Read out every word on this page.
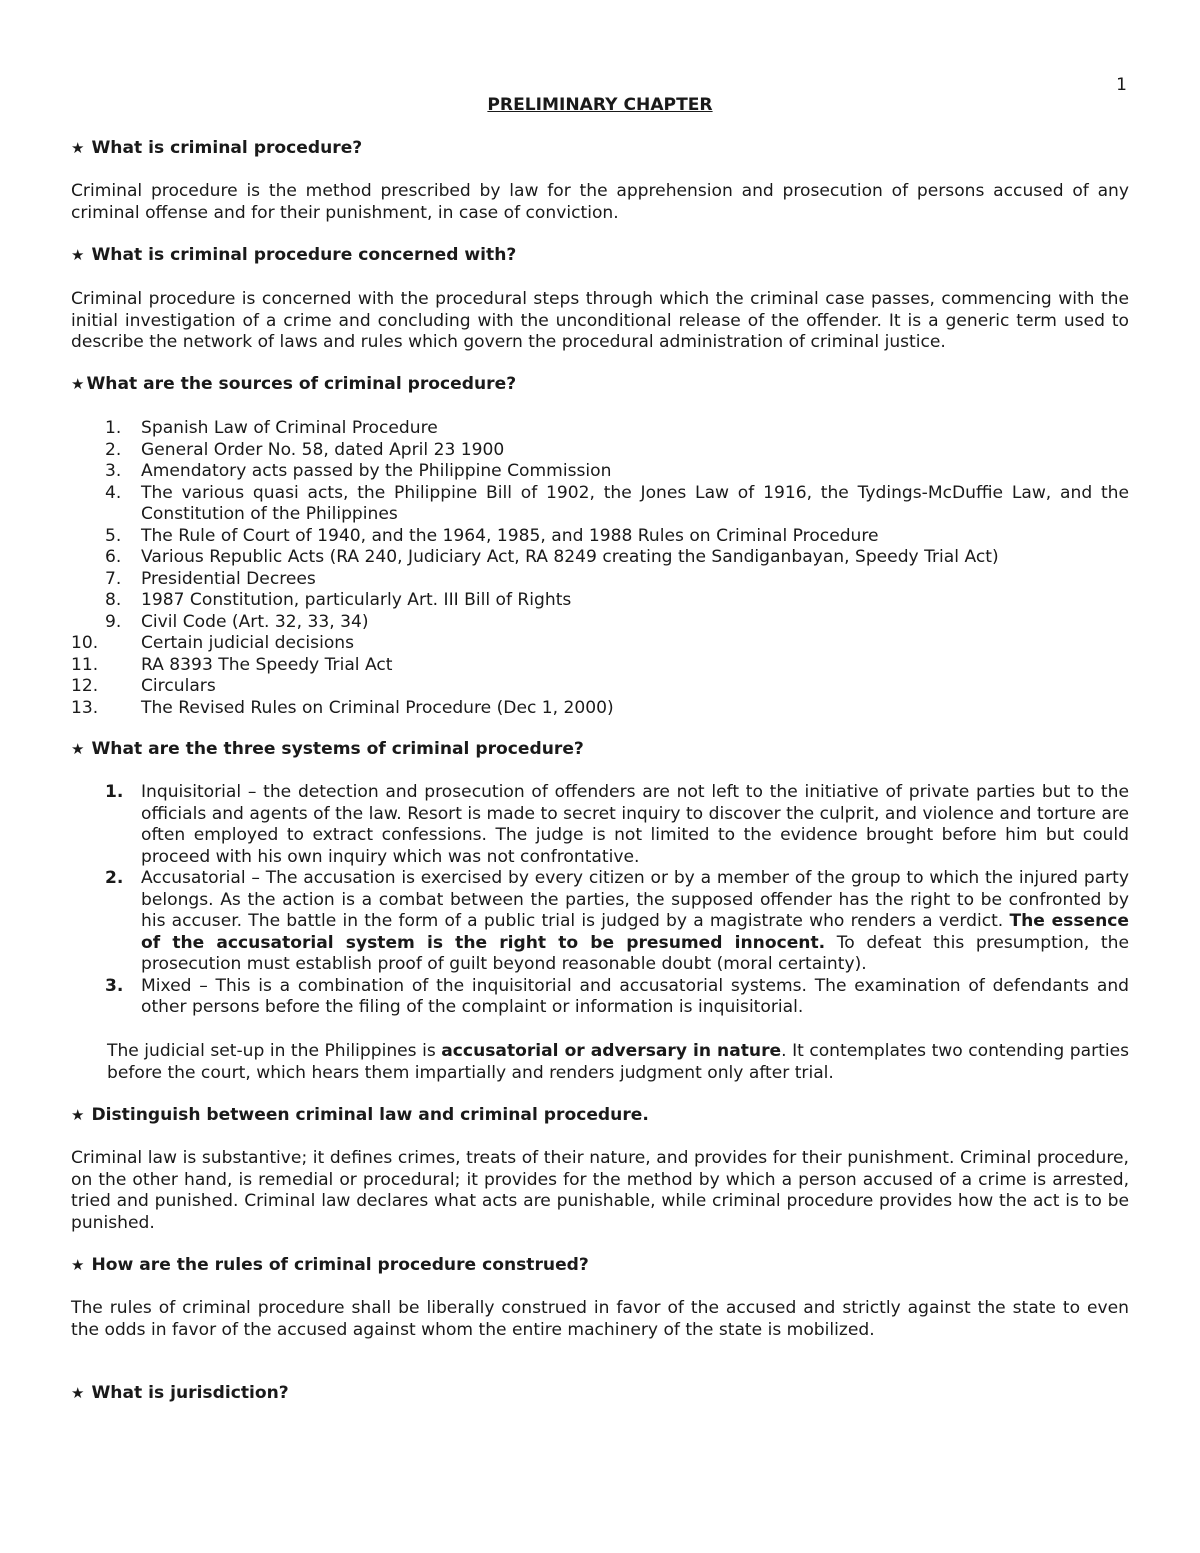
1
PRELIMINARY CHAPTER
★ What is criminal procedure?
Criminal procedure is the method prescribed by law for the apprehension and prosecution of persons accused of any criminal offense and for their punishment, in case of conviction.
★ What is criminal procedure concerned with?
Criminal procedure is concerned with the procedural steps through which the criminal case passes, commencing with the initial investigation of a crime and concluding with the unconditional release of the offender. It is a generic term used to describe the network of laws and rules which govern the procedural administration of criminal justice.
★ What are the sources of criminal procedure?
1. Spanish Law of Criminal Procedure
2. General Order No. 58, dated April 23 1900
3. Amendatory acts passed by the Philippine Commission
4. The various quasi acts, the Philippine Bill of 1902, the Jones Law of 1916, the Tydings-McDuffie Law, and the Constitution of the Philippines
5. The Rule of Court of 1940, and the 1964, 1985, and 1988 Rules on Criminal Procedure
6. Various Republic Acts (RA 240, Judiciary Act, RA 8249 creating the Sandiganbayan, Speedy Trial Act)
7. Presidential Decrees
8. 1987 Constitution, particularly Art. III Bill of Rights
9. Civil Code (Art. 32, 33, 34)
10.	Certain judicial decisions
11.	RA 8393 The Speedy Trial Act
12.	Circulars
13.	The Revised Rules on Criminal Procedure (Dec 1, 2000)
★ What are the three systems of criminal procedure?
1. Inquisitorial – the detection and prosecution of offenders are not left to the initiative of private parties but to the officials and agents of the law. Resort is made to secret inquiry to discover the culprit, and violence and torture are often employed to extract confessions. The judge is not limited to the evidence brought before him but could proceed with his own inquiry which was not confrontative.
2. Accusatorial – The accusation is exercised by every citizen or by a member of the group to which the injured party belongs. As the action is a combat between the parties, the supposed offender has the right to be confronted by his accuser. The battle in the form of a public trial is judged by a magistrate who renders a verdict. The essence of the accusatorial system is the right to be presumed innocent. To defeat this presumption, the prosecution must establish proof of guilt beyond reasonable doubt (moral certainty).
3. Mixed – This is a combination of the inquisitorial and accusatorial systems. The examination of defendants and other persons before the filing of the complaint or information is inquisitorial.
The judicial set-up in the Philippines is accusatorial or adversary in nature. It contemplates two contending parties before the court, which hears them impartially and renders judgment only after trial.
★ Distinguish between criminal law and criminal procedure.
Criminal law is substantive; it defines crimes, treats of their nature, and provides for their punishment. Criminal procedure, on the other hand, is remedial or procedural; it provides for the method by which a person accused of a crime is arrested, tried and punished. Criminal law declares what acts are punishable, while criminal procedure provides how the act is to be punished.
★ How are the rules of criminal procedure construed?
The rules of criminal procedure shall be liberally construed in favor of the accused and strictly against the state to even the odds in favor of the accused against whom the entire machinery of the state is mobilized.
★ What is jurisdiction?
